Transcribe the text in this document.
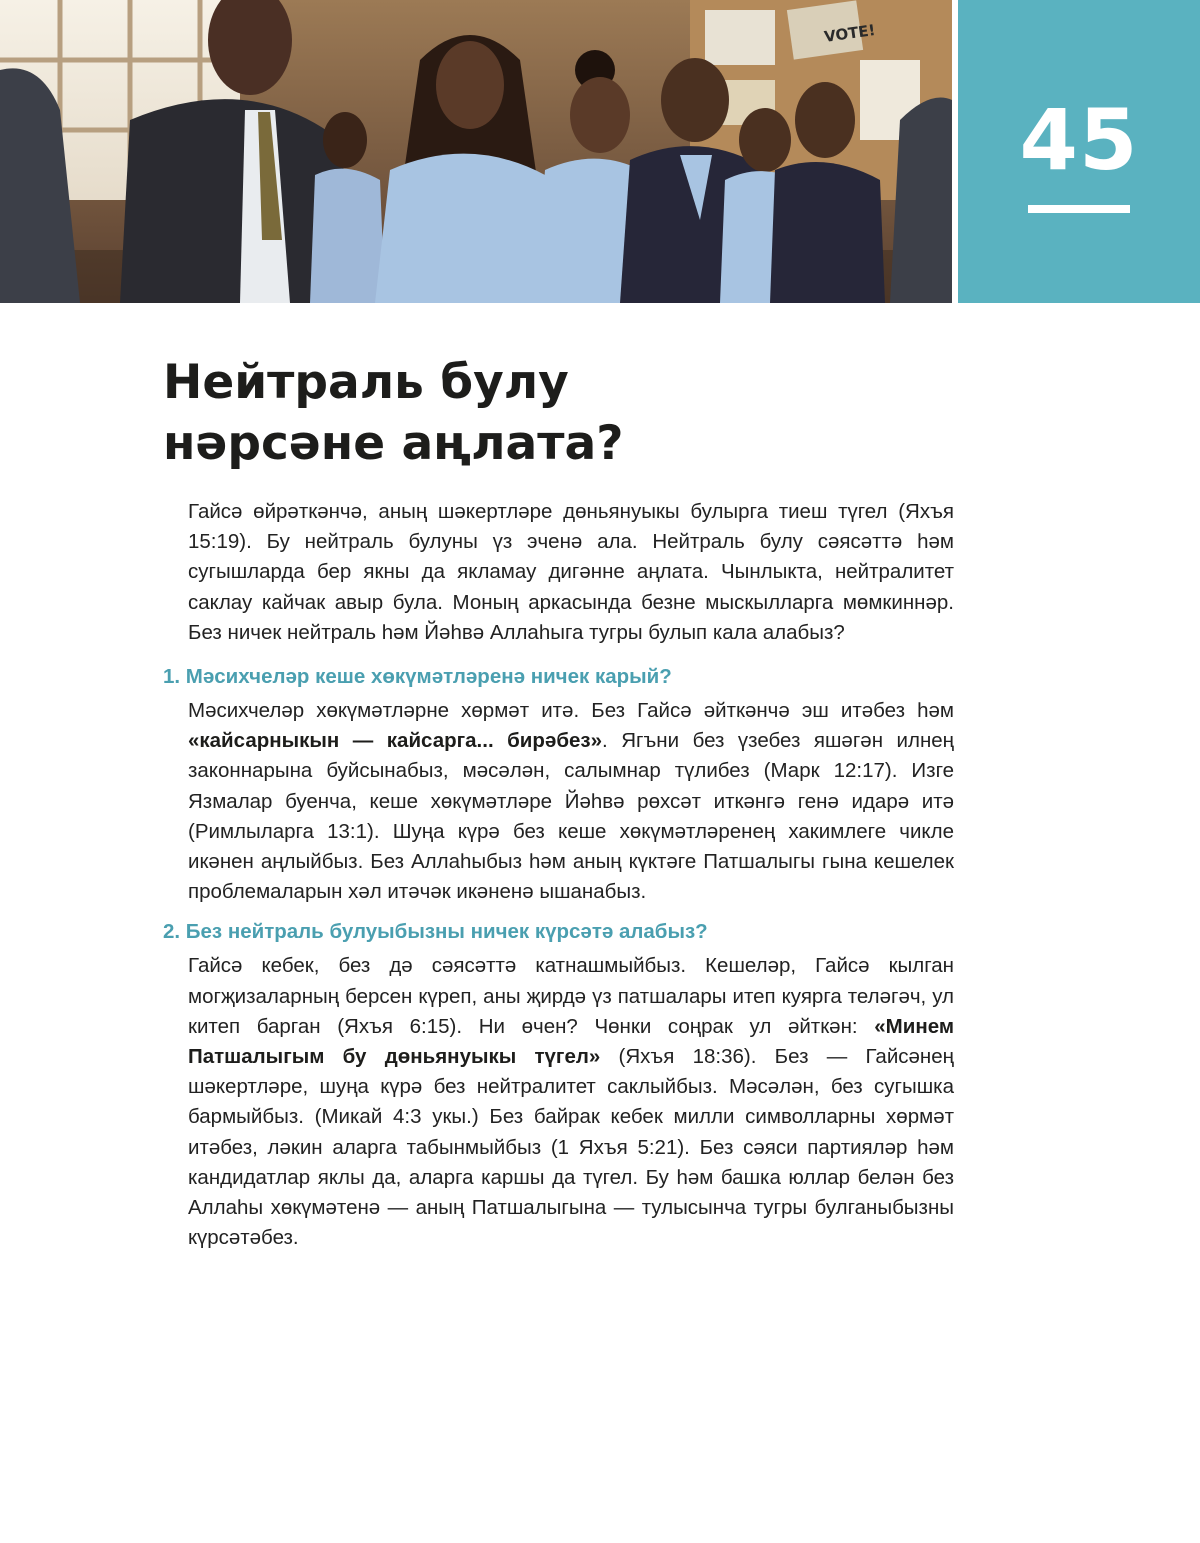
VOTE!
45
Нейтраль булу
нәрсәне аңлата?

Гайсә өйрәткәнчә, аның шәкертләре дөньянуыкы булырга тиеш түгел (Яхъя 15:19). Бу нейтраль булуны үз эченә ала. Нейтраль булу сәясәттә һәм сугышларда бер якны да якламау дигәнне аңлата. Чынлыкта, нейтралитет саклау кайчак авыр була. Моның аркасында безне мыскылларга мөмкиннәр. Без ничек нейтраль һәм Йәһвә Аллаһыга тугры булып кала алабыз?

1. Мәсихчеләр кеше хөкүмәтләренә ничек карый?

Мәсихчеләр хөкүмәтләрне хөрмәт итә. Без Гайсә әйткәнчә эш итәбез һәм «кайсарныкын — кайсарга... бирәбез». Ягъни без үзебез яшәгән илнең законнарына буйсынабыз, мәсәлән, салымнар түлибез (Марк 12:17). Изге Язмалар буенча, кеше хөкүмәтләре Йәһвә рөхсәт иткәнгә генә идарә итә (Римлыларга 13:1). Шуңа күрә без кеше хөкүмәтләренең хакимлеге чикле икәнен аңлыйбыз. Без Аллаһыбыз һәм аның күктәге Патшалыгы гына кешелек проблемаларын хәл итәчәк икәненә ышанабыз.

2. Без нейтраль булуыбызны ничек күрсәтә алабыз?

Гайсә кебек, без дә сәясәттә катнашмыйбыз. Кешеләр, Гайсә кылган могҗизаларның берсен күреп, аны җирдә үз патшалары итеп куярга теләгәч, ул китеп барган (Яхъя 6:15). Ни өчен? Чөнки соңрак ул әйткән: «Минем Патшалыгым бу дөньянуыкы түгел» (Яхъя 18:36). Без — Гайсәнең шәкертләре, шуңа күрә без нейтралитет саклыйбыз. Мәсәлән, без сугышка бармыйбыз. (Микай 4:3 укы.) Без байрак кебек милли символларны хөрмәт итәбез, ләкин аларга табынмыйбыз (1 Яхъя 5:21). Без сәяси партияләр һәм кандидатлар яклы да, аларга каршы да түгел. Бу һәм башка юллар белән без Аллаһы хөкүмәтенә — аның Патшалыгына — тулысынча тугры булганыбызны күрсәтәбез.
